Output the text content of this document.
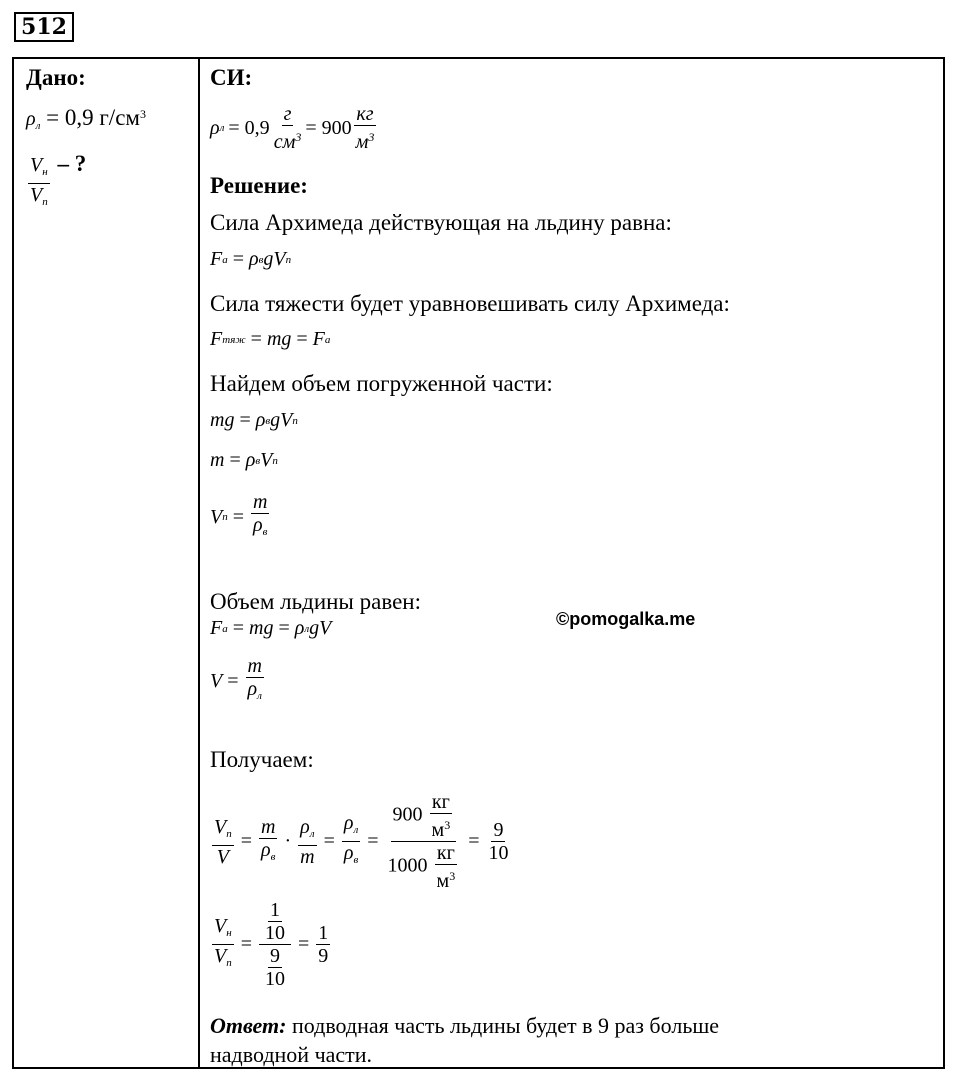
512
Дано:
$\rho_л = 0,9$ $г/см^3$
$\frac{V_н}{V_п}$ – ?
СИ:
ρ $л = 0,9 \frac{г}{см^3} = 900 \frac{кг}{м^3}$
Решение:
Сила Архимеда действующая на льдину равна:
F а = ρ в gV п
Сила тяжести будет уравновешивать силу Архимеда:
F тяж = mg = F а
Найдем объем погруженной части:
mg = ρ в gV п
m = ρ в V п
V $п = \frac{m}{\rho_в}$
Объем льдины равен:
F а = mg = ρ л gV
$V = \frac{m}{\rho_л}$
Получаем:
$\frac{V_п}{V} = \frac{m}{\rho_в} \cdot \frac{\rho_л}{m} = \frac{\rho_л}{\rho_в} = \frac{900 \frac{кг}{м^3}}{1000 \frac{кг}{м^3}} = \frac{9}{10}$
$\frac{V_н}{V_п} = \frac{\frac{1}{10}}{\frac{9}{10}} = \frac{1}{9}$
Ответ: подводная часть льдины будет в 9 раз больше
надводной части.
©pomogalka.me
